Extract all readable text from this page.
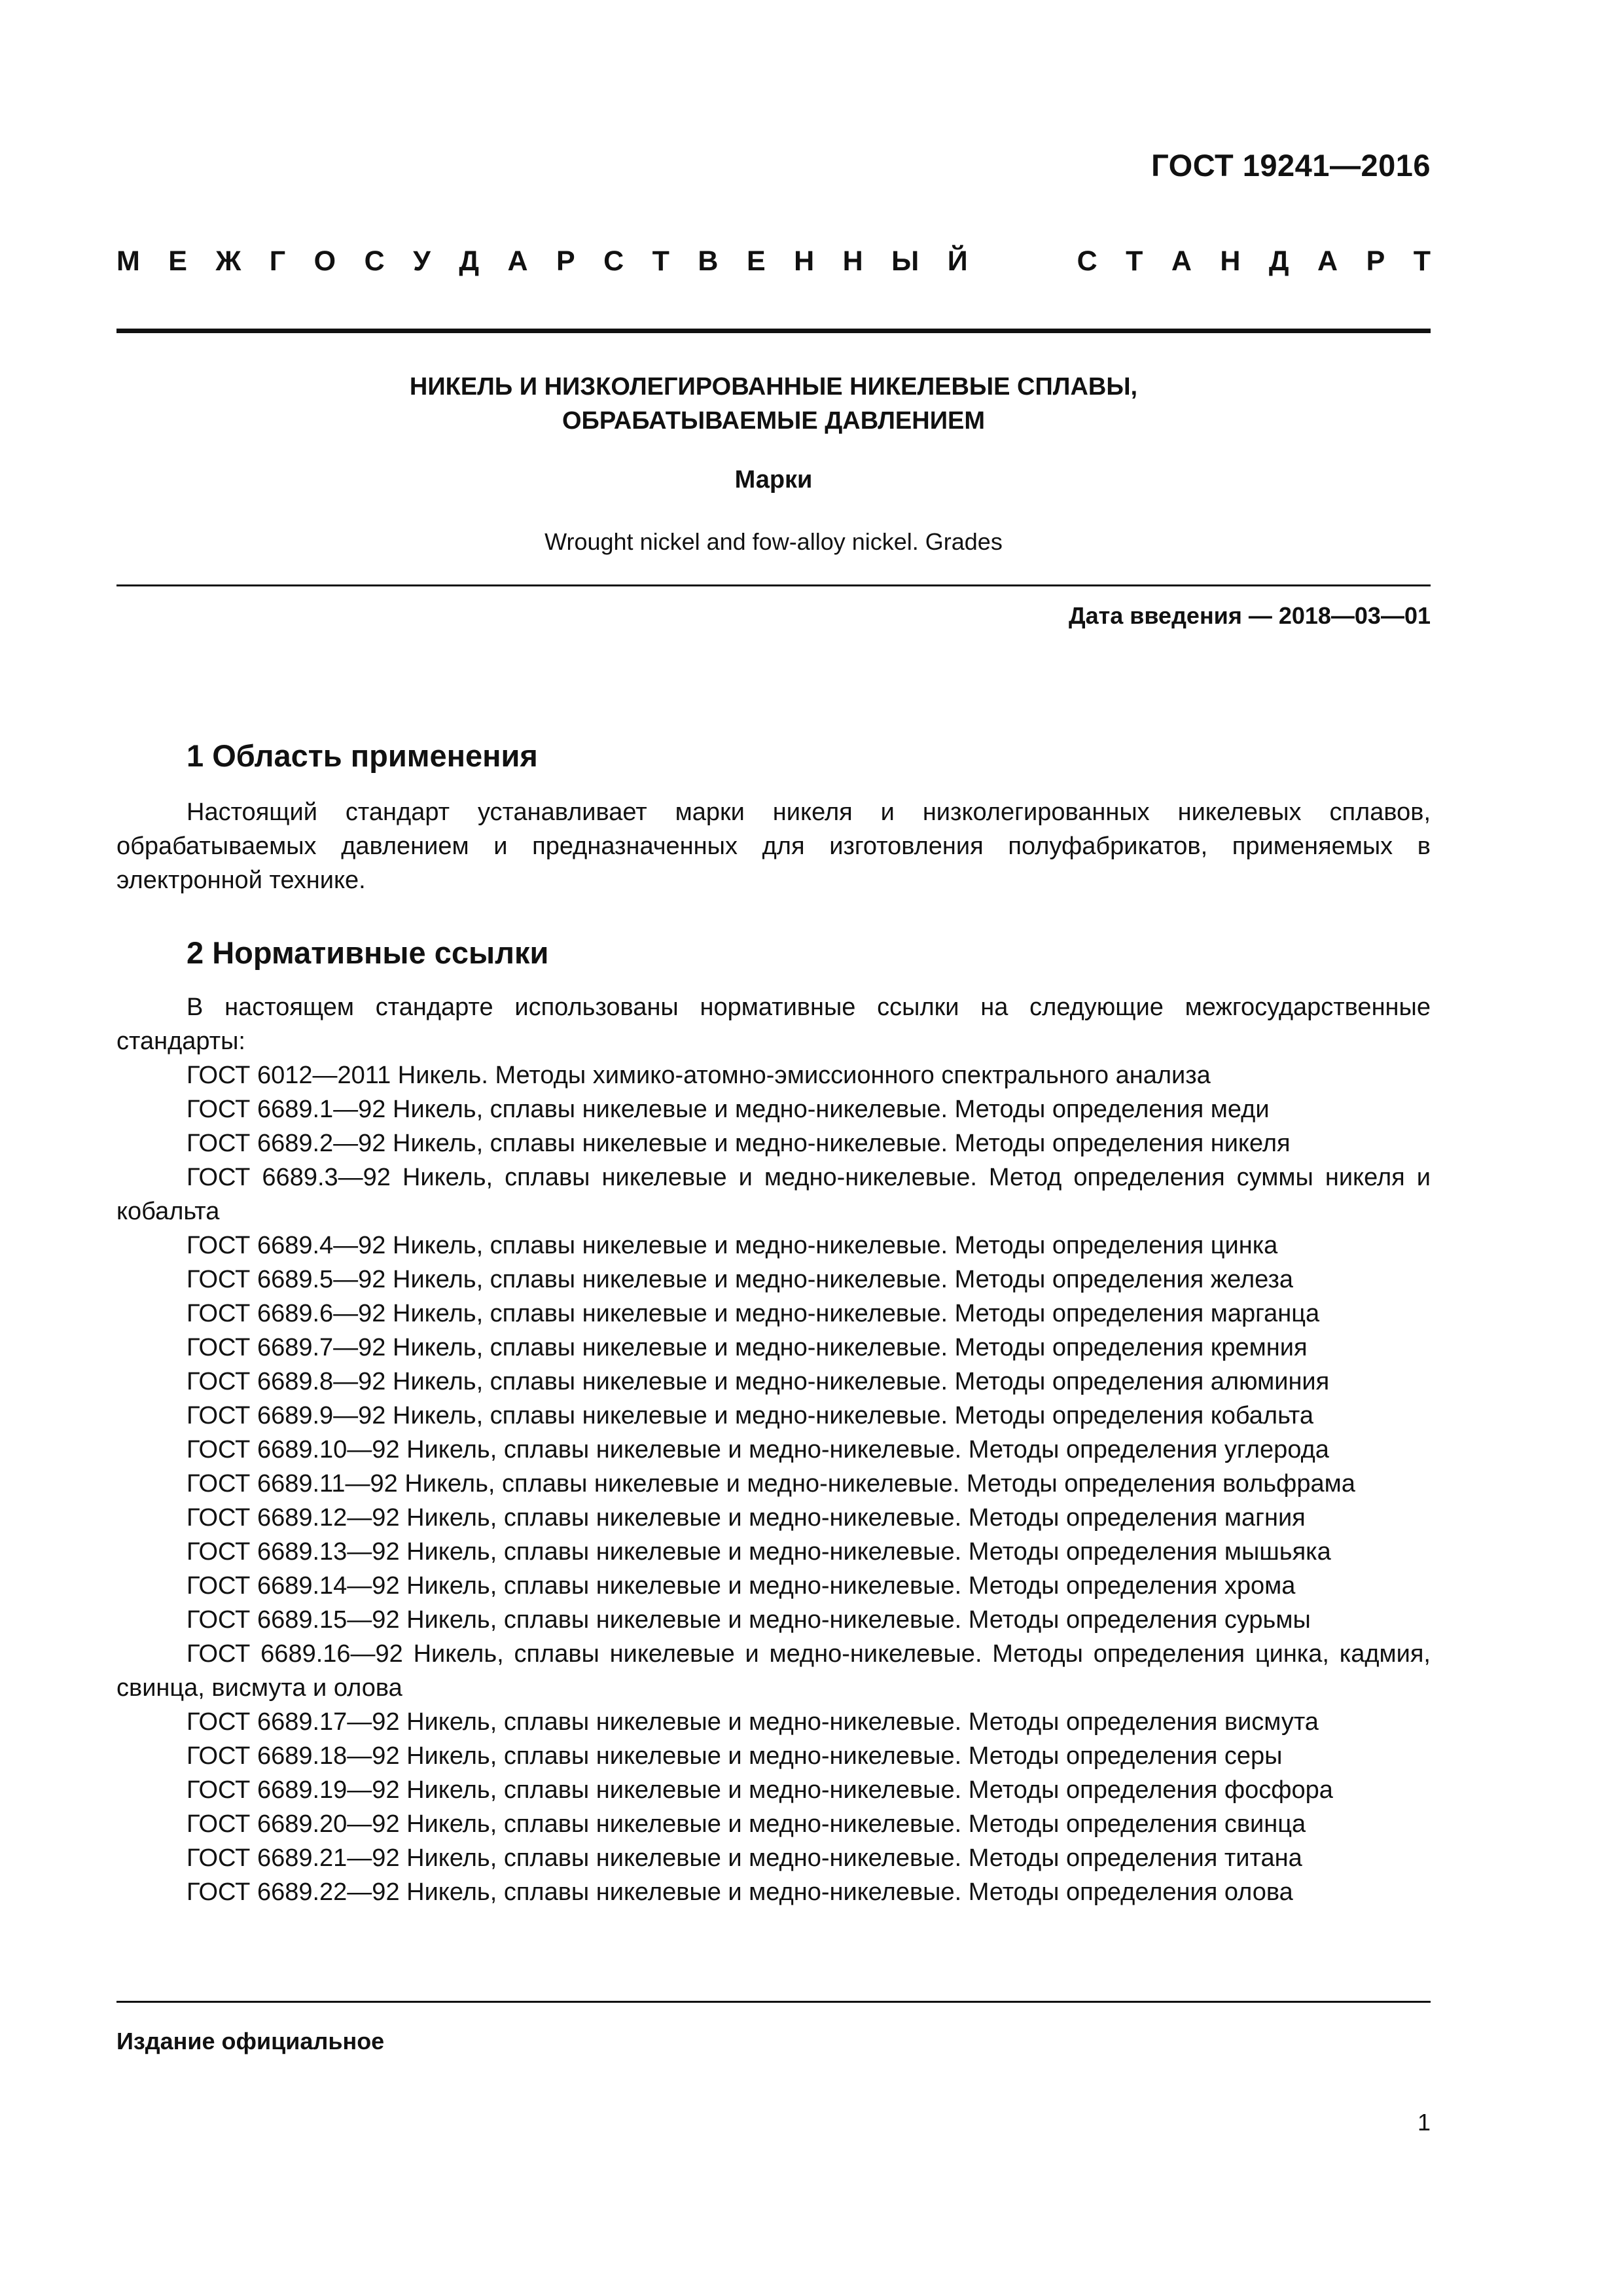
ГОСТ 19241—2016
М Е Ж Г О С У Д А Р С Т В Е Н Н Ы Й	С Т А Н Д А Р Т
НИКЕЛЬ И НИЗКОЛЕГИРОВАННЫЕ НИКЕЛЕВЫЕ СПЛАВЫ,
ОБРАБАТЫВАЕМЫЕ ДАВЛЕНИЕМ
Марки
Wrought nickel and fow-alloy nickel. Grades
Дата введения — 2018—03—01
1 Область применения

Настоящий стандарт устанавливает марки никеля и низколегированных никелевых сплавов, обрабатываемых давлением и предназначенных для изготовления полуфабрикатов, применяемых в электронной технике.

2 Нормативные ссылки

В настоящем стандарте использованы нормативные ссылки на следующие межгосударственные стандарты:

ГОСТ 6012—2011 Никель. Методы химико-атомно-эмиссионного спектрального анализа

ГОСТ 6689.1—92 Никель, сплавы никелевые и медно-никелевые. Методы определения меди

ГОСТ 6689.2—92 Никель, сплавы никелевые и медно-никелевые. Методы определения никеля

ГОСТ 6689.3—92 Никель, сплавы никелевые и медно-никелевые. Метод определения суммы никеля и кобальта

ГОСТ 6689.4—92 Никель, сплавы никелевые и медно-никелевые. Методы определения цинка

ГОСТ 6689.5—92 Никель, сплавы никелевые и медно-никелевые. Методы определения железа

ГОСТ 6689.6—92 Никель, сплавы никелевые и медно-никелевые. Методы определения марганца

ГОСТ 6689.7—92 Никель, сплавы никелевые и медно-никелевые. Методы определения кремния

ГОСТ 6689.8—92 Никель, сплавы никелевые и медно-никелевые. Методы определения алюминия

ГОСТ 6689.9—92 Никель, сплавы никелевые и медно-никелевые. Методы определения кобальта

ГОСТ 6689.10—92 Никель, сплавы никелевые и медно-никелевые. Методы определения углерода

ГОСТ 6689.11—92 Никель, сплавы никелевые и медно-никелевые. Методы определения вольфрама

ГОСТ 6689.12—92 Никель, сплавы никелевые и медно-никелевые. Методы определения магния

ГОСТ 6689.13—92 Никель, сплавы никелевые и медно-никелевые. Методы определения мышьяка

ГОСТ 6689.14—92 Никель, сплавы никелевые и медно-никелевые. Методы определения хрома

ГОСТ 6689.15—92 Никель, сплавы никелевые и медно-никелевые. Методы определения сурьмы

ГОСТ 6689.16—92 Никель, сплавы никелевые и медно-никелевые. Методы определения цинка, кадмия, свинца, висмута и олова

ГОСТ 6689.17—92 Никель, сплавы никелевые и медно-никелевые. Методы определения висмута

ГОСТ 6689.18—92 Никель, сплавы никелевые и медно-никелевые. Методы определения серы

ГОСТ 6689.19—92 Никель, сплавы никелевые и медно-никелевые. Методы определения фосфора

ГОСТ 6689.20—92 Никель, сплавы никелевые и медно-никелевые. Методы определения свинца

ГОСТ 6689.21—92 Никель, сплавы никелевые и медно-никелевые. Методы определения титана

ГОСТ 6689.22—92 Никель, сплавы никелевые и медно-никелевые. Методы определения олова

Издание официальное
1
